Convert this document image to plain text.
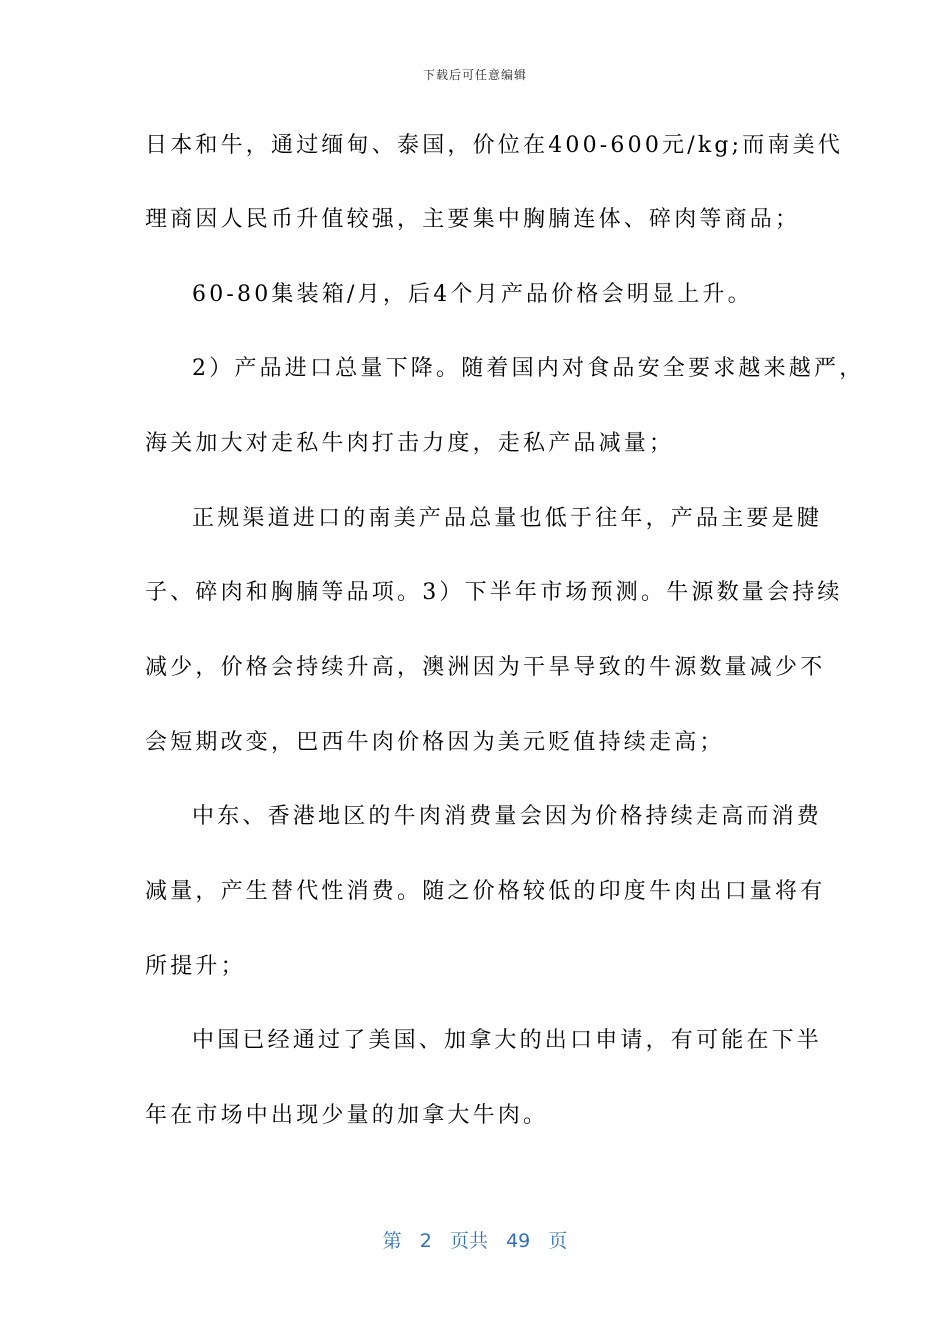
下载后可任意编辑
日本和牛，通过缅甸、泰国，价位在400-600元/kg;而南美代
理商因人民币升值较强，主要集中胸腩连体、碎肉等商品；
60-80集装箱/月，后4个月产品价格会明显上升。
2）产品进口总量下降。随着国内对食品安全要求越来越严，
海关加大对走私牛肉打击力度，走私产品减量；
正规渠道进口的南美产品总量也低于往年，产品主要是腱
子、碎肉和胸腩等品项。3）下半年市场预测。牛源数量会持续
减少，价格会持续升高，澳洲因为干旱导致的牛源数量减少不
会短期改变，巴西牛肉价格因为美元贬值持续走高；
中东、香港地区的牛肉消费量会因为价格持续走高而消费
减量，产生替代性消费。随之价格较低的印度牛肉出口量将有
所提升；
中国已经通过了美国、加拿大的出口申请，有可能在下半
年在市场中出现少量的加拿大牛肉。
第 2 页共 49 页
